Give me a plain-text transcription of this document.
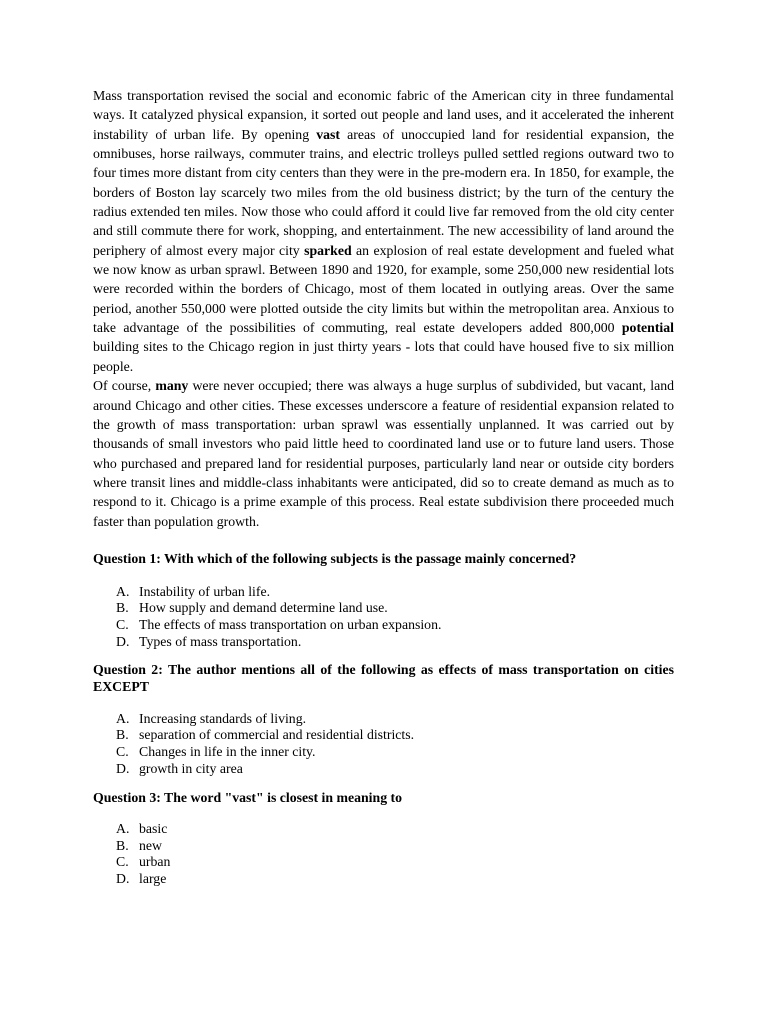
Mass transportation revised the social and economic fabric of the American city in three fundamental ways. It catalyzed physical expansion, it sorted out people and land uses, and it accelerated the inherent instability of urban life. By opening vast areas of unoccupied land for residential expansion, the omnibuses, horse railways, commuter trains, and electric trolleys pulled settled regions outward two to four times more distant from city centers than they were in the pre-modern era. In 1850, for example, the borders of Boston lay scarcely two miles from the old business district; by the turn of the century the radius extended ten miles. Now those who could afford it could live far removed from the old city center and still commute there for work, shopping, and entertainment. The new accessibility of land around the periphery of almost every major city sparked an explosion of real estate development and fueled what we now know as urban sprawl. Between 1890 and 1920, for example, some 250,000 new residential lots were recorded within the borders of Chicago, most of them located in outlying areas. Over the same period, another 550,000 were plotted outside the city limits but within the metropolitan area. Anxious to take advantage of the possibilities of commuting, real estate developers added 800,000 potential building sites to the Chicago region in just thirty years - lots that could have housed five to six million people.

Of course, many were never occupied; there was always a huge surplus of subdivided, but vacant, land around Chicago and other cities. These excesses underscore a feature of residential expansion related to the growth of mass transportation: urban sprawl was essentially unplanned. It was carried out by thousands of small investors who paid little heed to coordinated land use or to future land users. Those who purchased and prepared land for residential purposes, particularly land near or outside city borders where transit lines and middle-class inhabitants were anticipated, did so to create demand as much as to respond to it. Chicago is a prime example of this process. Real estate subdivision there proceeded much faster than population growth.

Question 1: With which of the following subjects is the passage mainly concerned?

A. Instability of urban life.
B. How supply and demand determine land use.
C. The effects of mass transportation on urban expansion.
D. Types of mass transportation.

Question 2: The author mentions all of the following as effects of mass transportation on cities EXCEPT

A. Increasing standards of living.
B. separation of commercial and residential districts.
C. Changes in life in the inner city.
D. growth in city area

Question 3: The word "vast" is closest in meaning to

A. basic
B. new
C. urban
D. large
